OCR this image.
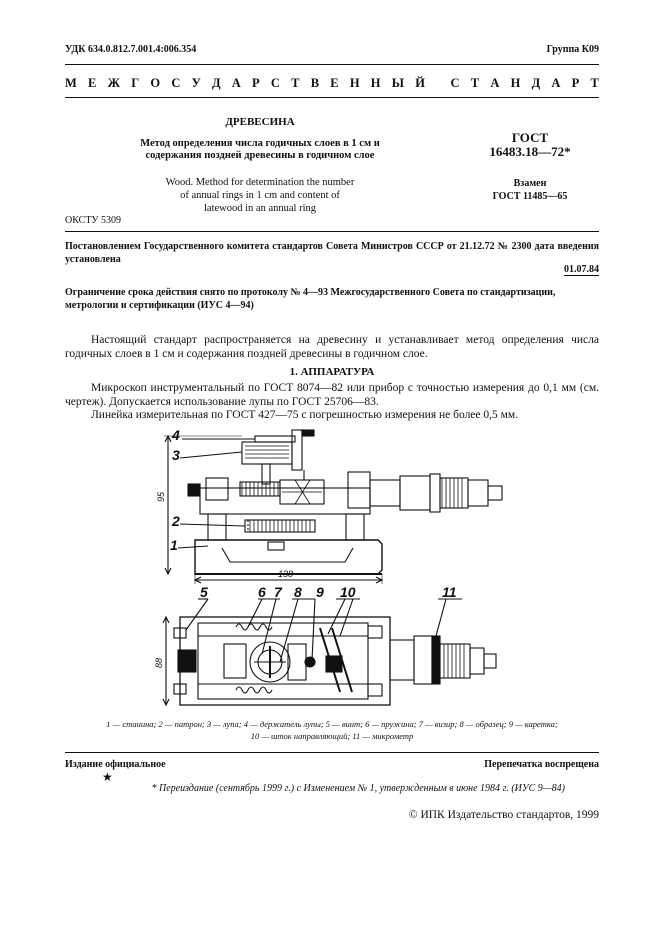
УДК 634.0.812.7.001.4:006.354	Группа К09
М Е Ж Г О С У Д А Р С Т В Е Н Н Ы Й
С Т А Н Д А Р Т
ДРЕВЕСИНА
Метод определения числа годичных слоев в 1 см и
содержания поздней древесины в годичном слое
Wood. Method for determination the number
of annual rings in 1 cm and content of
latewood in an annual ring
ГОСТ
16483.18—72*
Взамен
ГОСТ 11485—65
ОКСТУ 5309
Постановлением Государственного комитета стандартов Совета Министров СССР от 21.12.72 № 2300 дата введения установлена
01.07.84
Ограничение срока действия снято по протоколу № 4—93 Межгосударственного Совета по стандартизации, метрологии и сертификации (ИУС 4—94)
Настоящий стандарт распространяется на древесину и устанавливает метод определения числа годичных слоев в 1 см и содержания поздней древесины в годичном слое.
1. АППАРАТУРА
Микроскоп инструментальный по ГОСТ 8074—82 или прибор с точностью измерения до 0,1 мм (см. чертеж). Допускается использование лупы по ГОСТ 25706—83.
Линейка измерительная по ГОСТ 427—75 с погрешностью измерения не более 0,5 мм.
4
3
2
1
5	6 7 8 9 10	11
95
138
88
1 — станина; 2 — патрон; 3 — лупа; 4 — держатель лупы; 5 — винт; 6 — пружина; 7 — визир; 8 — образец; 9 — каретка;
10 — шток направляющий; 11 — микрометр
Издание официальное	Перепечатка воспрещена
★
* Переиздание (сентябрь 1999 г.) с Изменением № 1, утвержденным в июне 1984 г. (ИУС 9—84)
© ИПК Издательство стандартов, 1999
